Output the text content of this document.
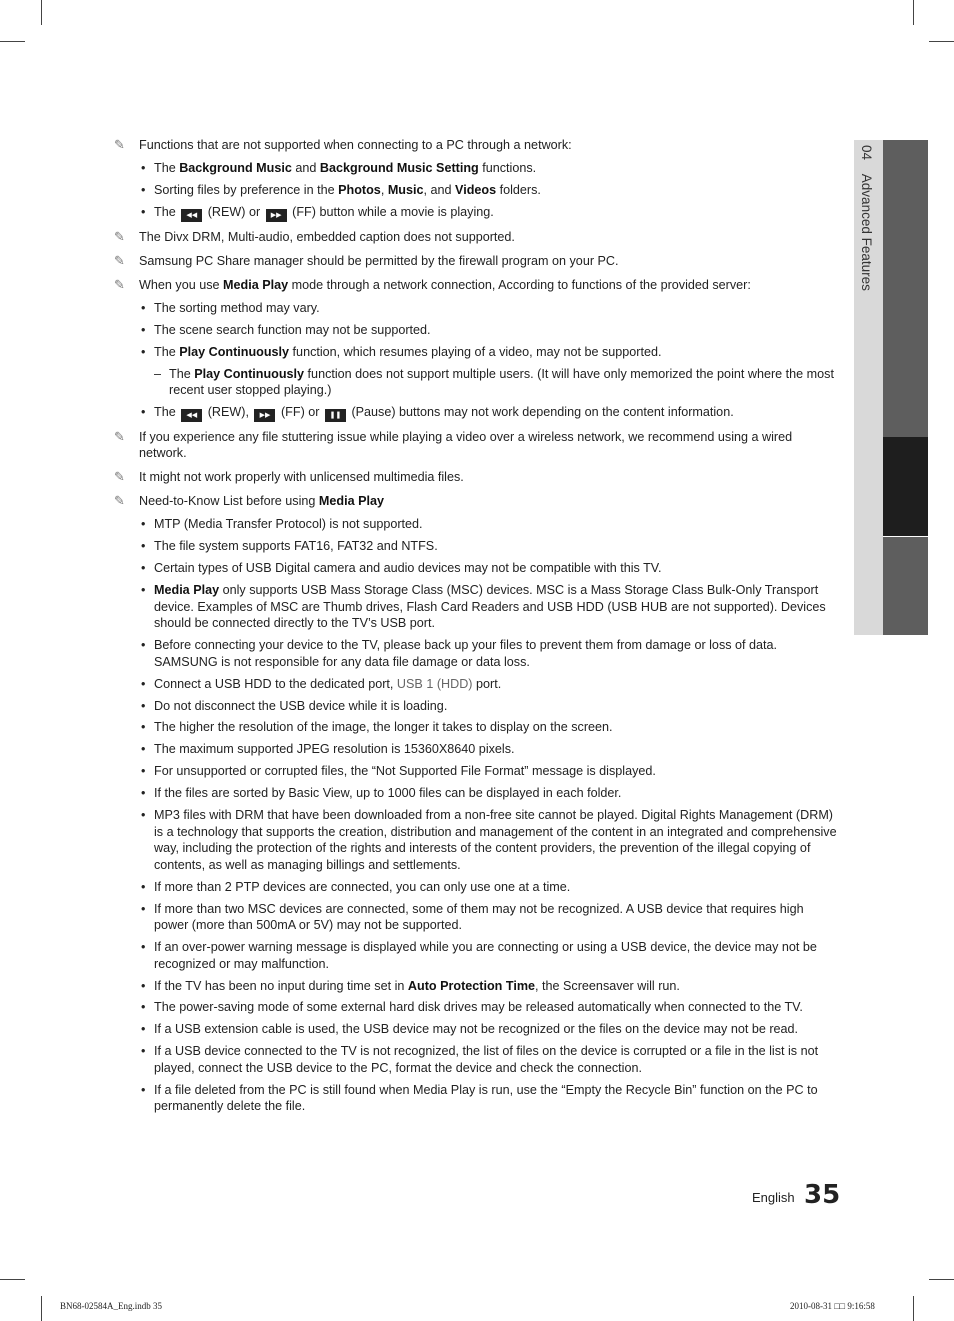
✎	Functions that are not supported when connecting to a PC through a network:
• The Background Music and Background Music Setting functions.
• Sorting files by preference in the Photos, Music, and Videos folders.
• The ◀◀ (REW) or ▶▶ (FF) button while a movie is playing.
✎	The Divx DRM, Multi-audio, embedded caption does not supported.
✎	Samsung PC Share manager should be permitted by the firewall program on your PC.
✎	When you use Media Play mode through a network connection, According to functions of the provided server:
• The sorting method may vary.
• The scene search function may not be supported.
• The Play Continuously function, which resumes playing of a video, may not be supported.
– The Play Continuously function does not support multiple users. (It will have only memorized the point where the most recent user stopped playing.)
• The ◀◀ (REW), ▶▶ (FF) or ❚❚ (Pause) buttons may not work depending on the content information.
✎	If you experience any file stuttering issue while playing a video over a wireless network, we recommend using a wired network.
✎	It might not work properly with unlicensed multimedia files.
✎	Need-to-Know List before using Media Play
• MTP (Media Transfer Protocol) is not supported.
• The file system supports FAT16, FAT32 and NTFS.
• Certain types of USB Digital camera and audio devices may not be compatible with this TV.
• Media Play only supports USB Mass Storage Class (MSC) devices. MSC is a Mass Storage Class Bulk-Only Transport device. Examples of MSC are Thumb drives, Flash Card Readers and USB HDD (USB HUB are not supported). Devices should be connected directly to the TV’s USB port.
• Before connecting your device to the TV, please back up your files to prevent them from damage or loss of data. SAMSUNG is not responsible for any data file damage or data loss.
• Connect a USB HDD to the dedicated port, USB 1 (HDD) port.
• Do not disconnect the USB device while it is loading.
• The higher the resolution of the image, the longer it takes to display on the screen.
• The maximum supported JPEG resolution is 15360X8640 pixels.
• For unsupported or corrupted files, the “Not Supported File Format” message is displayed.
• If the files are sorted by Basic View, up to 1000 files can be displayed in each folder.
• MP3 files with DRM that have been downloaded from a non-free site cannot be played. Digital Rights Management (DRM) is a technology that supports the creation, distribution and management of the content in an integrated and comprehensive way, including the protection of the rights and interests of the content providers, the prevention of the illegal copying of contents, as well as managing billings and settlements.
• If more than 2 PTP devices are connected, you can only use one at a time.
• If more than two MSC devices are connected, some of them may not be recognized. A USB device that requires high power (more than 500mA or 5V) may not be supported.
• If an over-power warning message is displayed while you are connecting or using a USB device, the device may not be recognized or may malfunction.
• If the TV has been no input during time set in Auto Protection Time, the Screensaver will run.
• The power-saving mode of some external hard disk drives may be released automatically when connected to the TV.
• If a USB extension cable is used, the USB device may not be recognized or the files on the device may not be read.
• If a USB device connected to the TV is not recognized, the list of files on the device is corrupted or a file in the list is not played, connect the USB device to the PC, format the device and check the connection.
• If a file deleted from the PC is still found when Media Play is run, use the “Empty the Recycle Bin” function on the PC to permanently delete the file.
04 Advanced Features
English 35
BN68-02584A_Eng.indb 35	2010-08-31 □□ 9:16:58
